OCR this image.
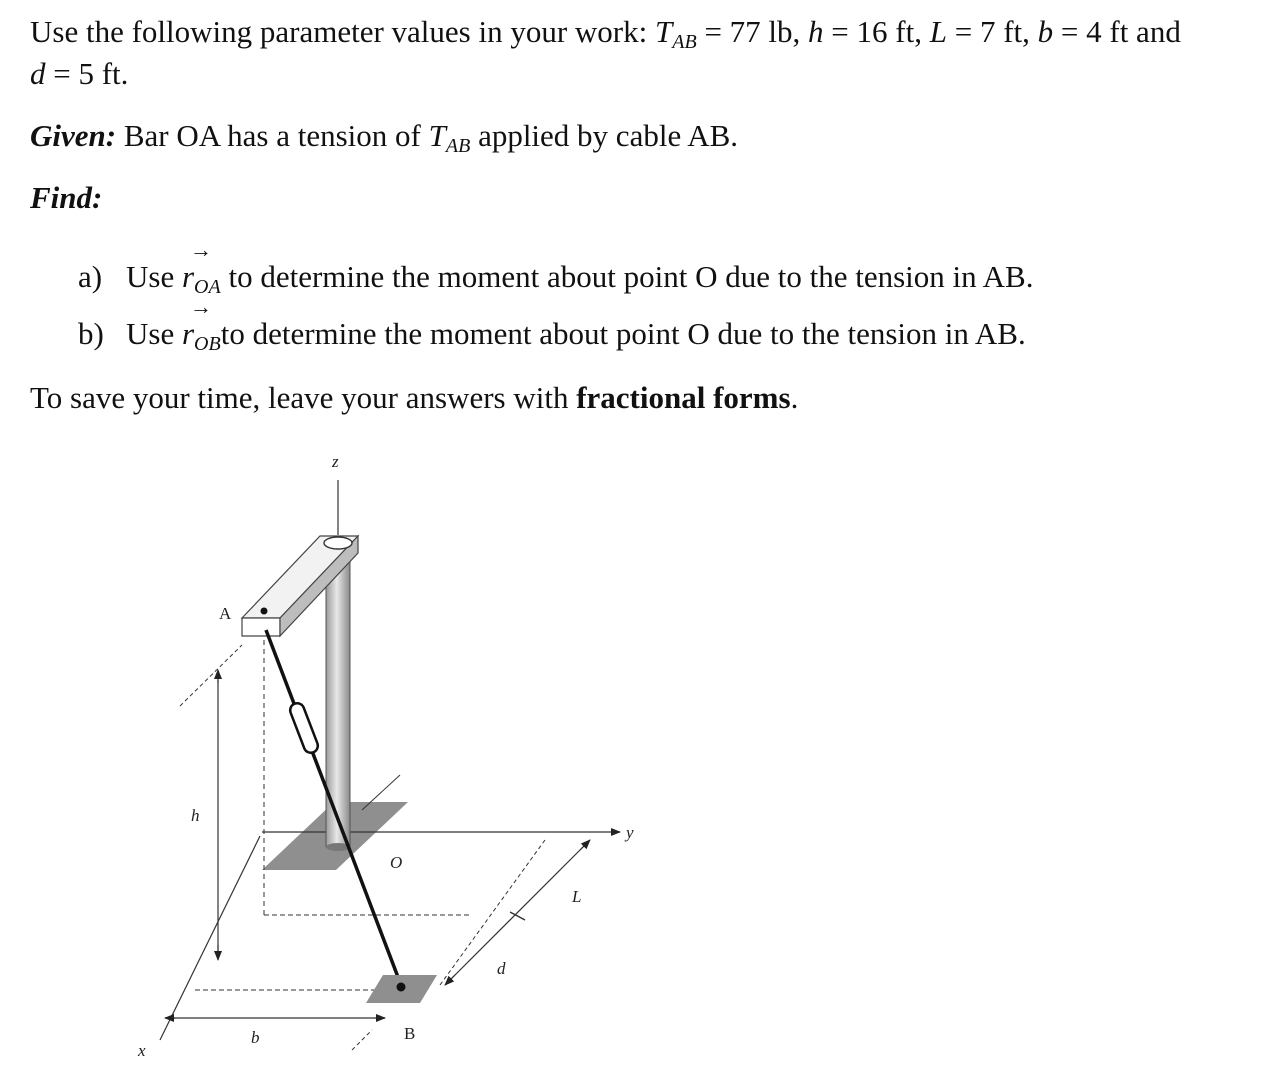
Use the following parameter values in your work: $T_{AB} = 77$ lb, h = 16 ft, L = 7 ft, b = 4 ft and
d = 5 ft.
Given: Bar OA has a tension of $T_{AB}$ applied by cable AB.
Find:
a) Use
→
$r_{OA}$ to determine the moment about point O due to the tension in AB.
b) Use
→
$r_{OB}to$ determine the moment about point O due to the tension in AB.
To save your time, leave your answers with fractional forms.
z
y
x
A
O
B
h
L
d
b
